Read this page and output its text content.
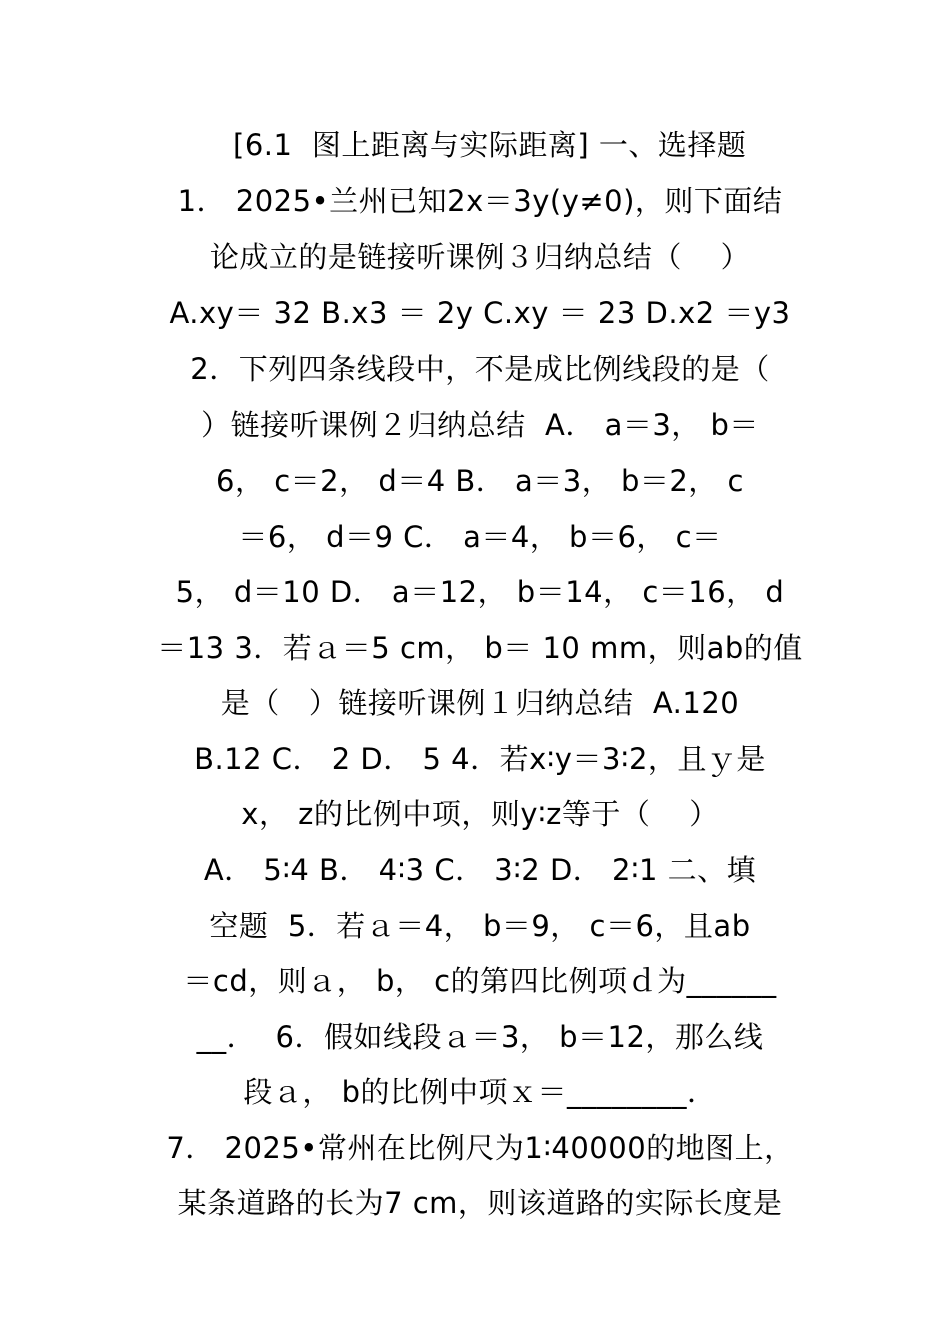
[6.1  图上距离与实际距离] 一、选择题
1． 2025•兰州已知2x＝3y(y≠0)，则下面结
论成立的是链接听课例３归纳总结（    ）
A.xy＝ 32 B.x3 ＝ 2y C.xy ＝ 23 D.x2 ＝y3
2．下列四条线段中，不是成比例线段的是（
）链接听课例２归纳总结  A． a＝3， b＝
6， c＝2， d＝4 B． a＝3， b＝2， c
＝6， d＝9 C． a＝4， b＝6， c＝
5， d＝10 D． a＝12， b＝14， c＝16， d
＝13 3．若ａ＝5 cm， b＝ 10 mm，则ab的值
是（   ）链接听课例１归纳总结  A.120
B.12 C． 2 D． 5 4．若x∶y＝3∶2，且ｙ是
x， z的比例中项，则y∶z等于（    ）
A． 5∶4 B． 4∶3 C． 3∶2 D． 2∶1 二、填
空题  5．若ａ＝4， b＝9， c＝6，且ab
＝cd，则ａ， b， c的第四比例项ｄ为______
__．  6．假如线段ａ＝3， b＝12，那么线
段ａ， b的比例中项ｘ＝________．
7． 2025•常州在比例尺为1∶40000的地图上，
某条道路的长为7 cm，则该道路的实际长度是
